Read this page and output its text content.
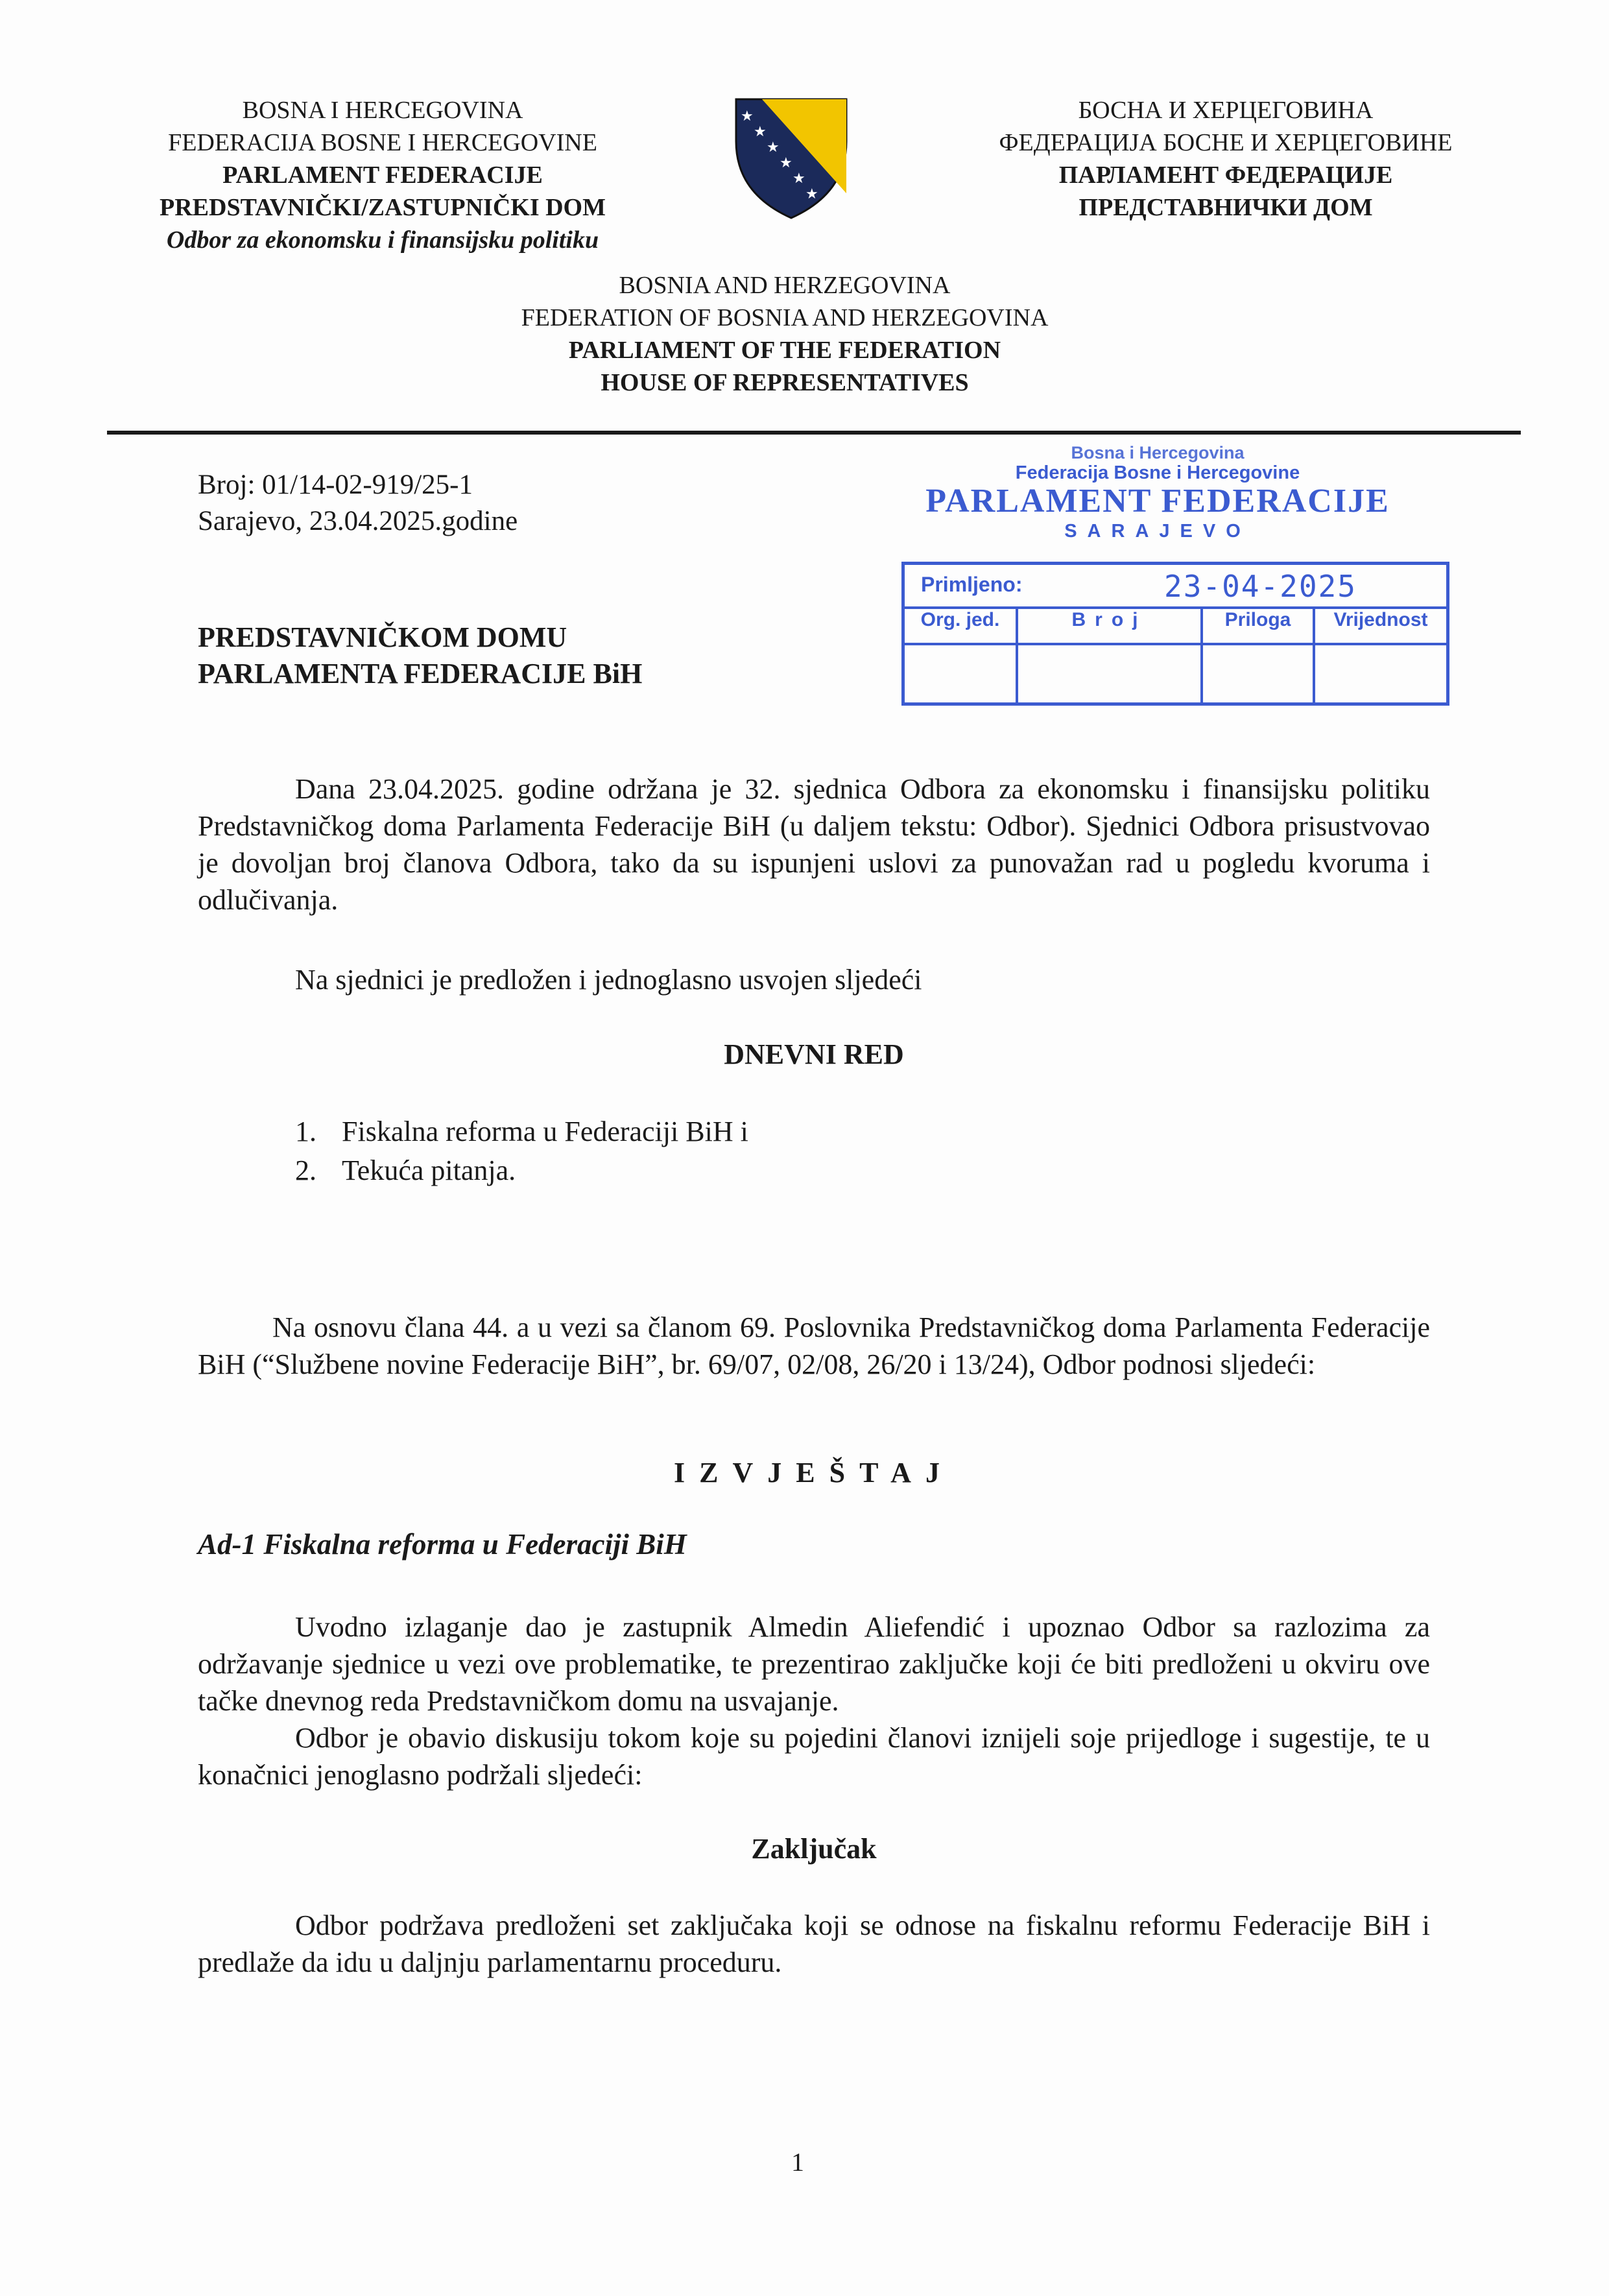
BOSNA I HERCEGOVINA
FEDERACIJA BOSNE I HERCEGOVINE
PARLAMENT FEDERACIJE
PREDSTAVNIČKI/ZASTUPNIČKI DOM
Odbor za ekonomsku i finansijsku politiku
★
★
★
★
★
★
БОСНА И ХЕРЦЕГОВИНА
ФЕДЕРАЦИЈА БОСНЕ И ХЕРЦЕГОВИНЕ
ПАРЛАМЕНТ ФЕДЕРАЦИЈЕ
ПРЕДСТАВНИЧКИ ДОМ
BOSNIA AND HERZEGOVINA
FEDERATION OF BOSNIA AND HERZEGOVINA
PARLIAMENT OF THE FEDERATION
HOUSE OF REPRESENTATIVES
Broj: 01/14-02-919/25-1
Sarajevo, 23.04.2025.godine
Bosna i Hercegovina
Federacija Bosne i Hercegovine
PARLAMENT FEDERACIJE
SARAJEVO
Primljeno:	23-04-2025
Org. jed.	Broj	Priloga	Vrijednost
PREDSTAVNIČKOM DOMU
PARLAMENTA FEDERACIJE BiH
Dana 23.04.2025. godine održana je 32. sjednica Odbora za ekonomsku i finansijsku politiku Predstavničkog doma Parlamenta Federacije BiH (u daljem tekstu: Odbor). Sjednici Odbora prisustvovao je dovoljan broj članova Odbora, tako da su ispunjeni uslovi za punovažan rad u pogledu kvoruma i odlučivanja.
Na sjednici je predložen i jednoglasno usvojen sljedeći
DNEVNI RED
1. Fiskalna reforma u Federaciji BiH i
2. Tekuća pitanja.
Na osnovu člana 44. a u vezi sa članom 69. Poslovnika Predstavničkog doma Parlamenta Federacije BiH (“Službene novine Federacije BiH”, br. 69/07, 02/08, 26/20 i 13/24), Odbor podnosi sljedeći:
IZVJEŠTAJ
Ad-1 Fiskalna reforma u Federaciji BiH
Uvodno izlaganje dao je zastupnik Almedin Aliefendić i upoznao Odbor sa razlozima za održavanje sjednice u vezi ove problematike, te prezentirao zaključke koji će biti predloženi u okviru ove tačke dnevnog reda Predstavničkom domu na usvajanje.
Odbor je obavio diskusiju tokom koje su pojedini članovi iznijeli soje prijedloge i sugestije, te u konačnici jenoglasno podržali sljedeći:
Zaključak
Odbor podržava predloženi set zaključaka koji se odnose na fiskalnu reformu Federacije BiH i predlaže da idu u daljnju parlamentarnu proceduru.
1
